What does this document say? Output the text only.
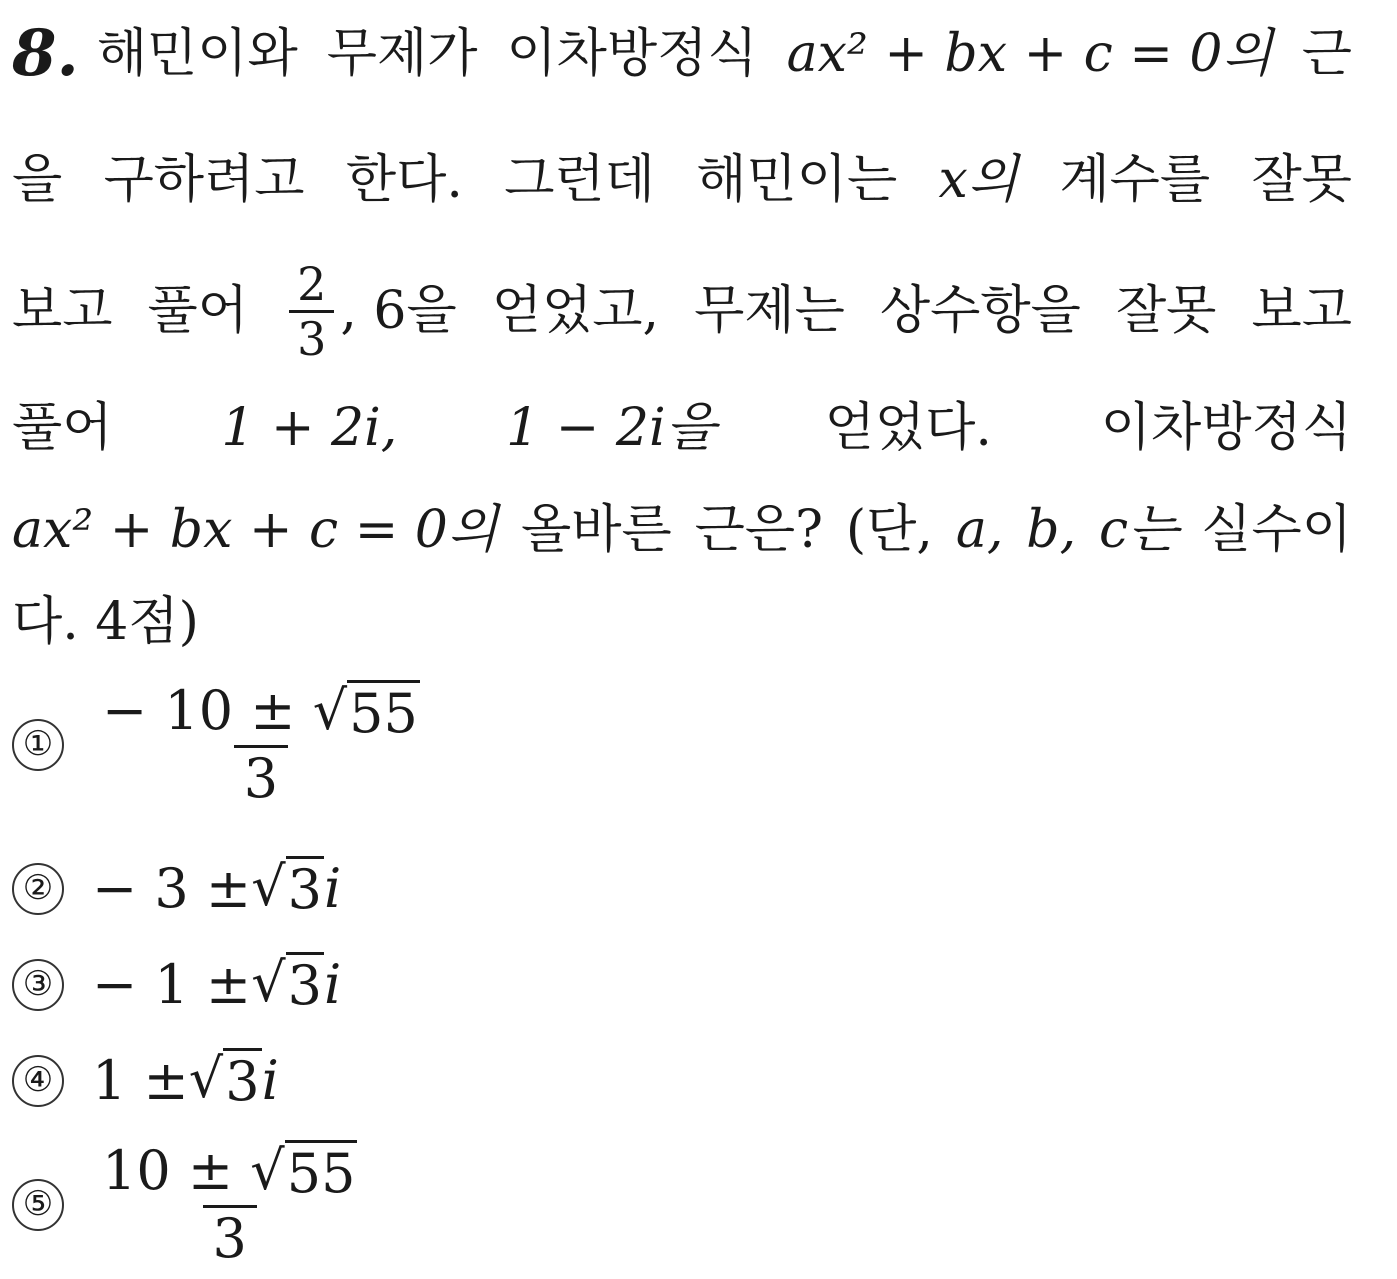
8. 해민이와 무제가 이차방정식 ax² + bx + c = 0의 근
을 구하려고 한다. 그런데 해민이는 x의 계수를 잘못
보고 풀어 $\frac{2}{3}$ , 6을 얻었고, 무제는 상수항을 잘못 보고
풀어 1 + 2i, 1 − 2i을 얻었다. 이차방정식
ax² + bx + c = 0의 올바른 근은? (단, a, b, c는 실수이
다. 4점)
① $\frac{- 10 \pm √ 55}{3}$
② − 3 ± √ 3 i
③ − 1 ± √ 3 i
④ 1 ± √ 3 i
⑤ $\frac{10 \pm √ 55}{3}$
